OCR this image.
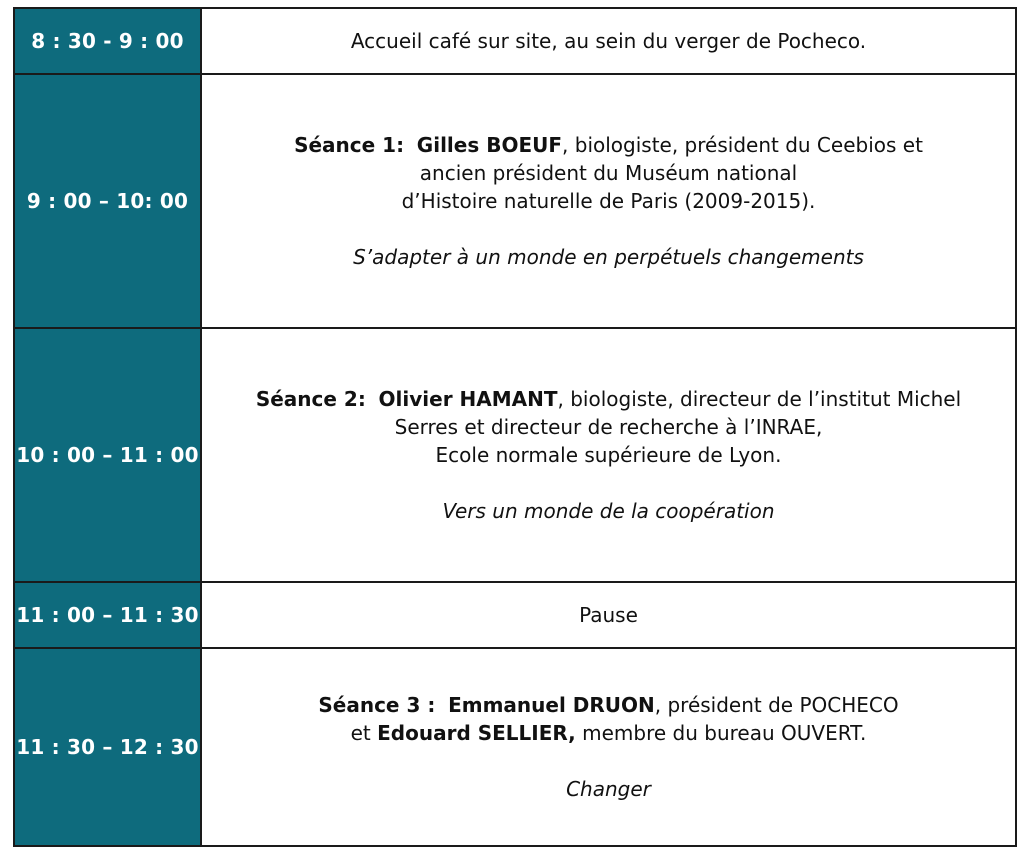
8 : 30 - 9 : 00	Accueil café sur site, au sein du verger de Pocheco.

9 : 00 – 10: 00	Séance 1: Gilles BOEUF, biologiste, président du Ceebios et
ancien président du Muséum national
d’Histoire naturelle de Paris (2009-2015).
S’adapter à un monde en perpétuels changements

10 : 00 – 11 : 00	Séance 2: Olivier HAMANT, biologiste, directeur de l’institut Michel
Serres et directeur de recherche à l’INRAE,
Ecole normale supérieure de Lyon.
Vers un monde de la coopération

11 : 00 – 11 : 30	Pause

11 : 30 – 12 : 30	Séance 3 : Emmanuel DRUON, président de POCHECO
et Edouard SELLIER, membre du bureau OUVERT.
Changer
